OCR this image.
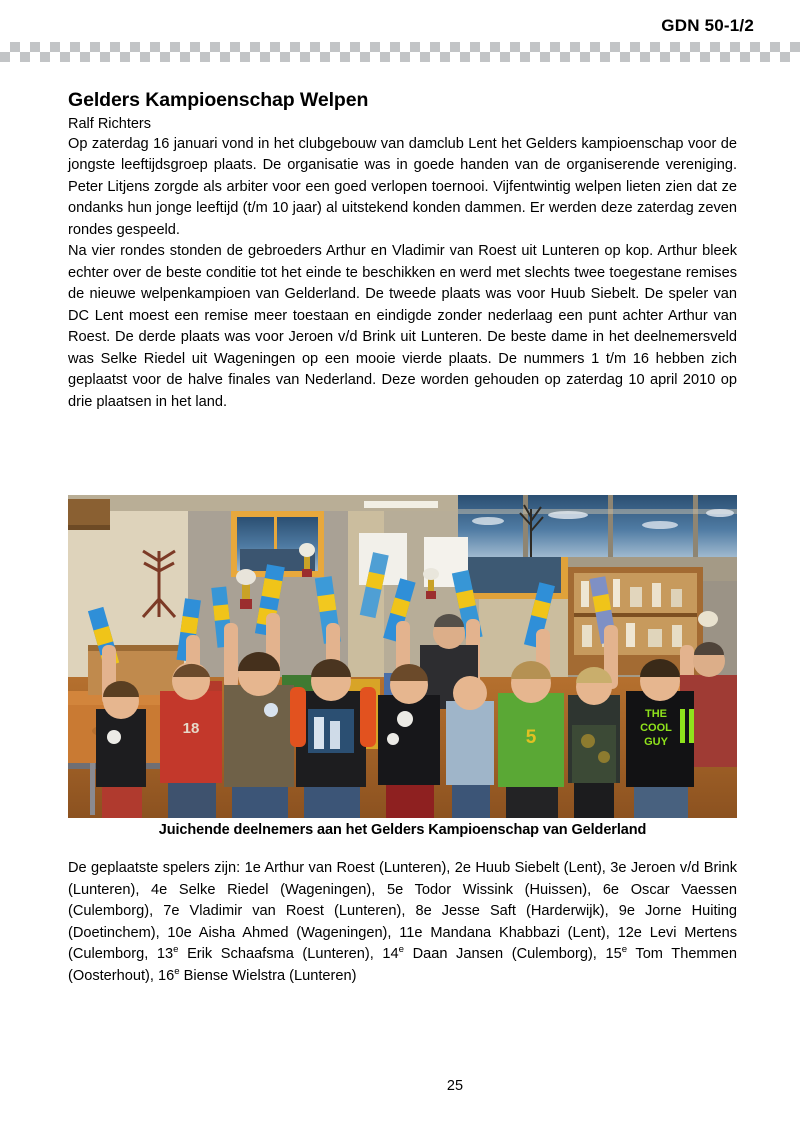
GDN 50-1/2
Gelders Kampioenschap Welpen

Ralf Richters

Op zaterdag 16 januari vond in het clubgebouw van damclub Lent het Gelders kampioenschap voor de jongste leeftijdsgroep plaats. De organisatie was in goede handen van de organiserende vereniging. Peter Litjens zorgde als arbiter voor een goed verlopen toernooi. Vijfentwintig welpen lieten zien dat ze ondanks hun jonge leeftijd (t/m 10 jaar) al uitstekend konden dammen. Er werden deze zaterdag zeven rondes gespeeld.

Na vier rondes stonden de gebroeders Arthur en Vladimir van Roest uit Lunteren op kop. Arthur bleek echter over de beste conditie tot het einde te beschikken en werd met slechts twee toegestane remises de nieuwe welpenkampioen van Gelderland. De tweede plaats was voor Huub Siebelt. De speler van DC Lent moest een remise meer toestaan en eindigde zonder nederlaag een punt achter Arthur van Roest. De derde plaats was voor Jeroen v/d Brink uit Lunteren. De beste dame in het deelnemersveld was Selke Riedel uit Wageningen op een mooie vierde plaats. De nummers 1 t/m 16 hebben zich geplaatst voor de halve finales van Nederland. Deze worden gehouden op zaterdag 10 april 2010 op drie plaatsen in het land.

18	5
THE
COOL
GUY
Juichende deelnemers aan het Gelders Kampioenschap van Gelderland

De geplaatste spelers zijn: 1e Arthur van Roest (Lunteren), 2e Huub Siebelt (Lent), 3e Jeroen v/d Brink (Lunteren), 4e Selke Riedel (Wageningen), 5e Todor Wissink (Huissen), 6e Oscar Vaessen (Culemborg), 7e Vladimir van Roest (Lunteren), 8e Jesse Saft (Harderwijk), 9e Jorne Huiting (Doetinchem), 10e Aisha Ahmed (Wageningen), 11e Mandana Khabbazi (Lent), 12e Levi Mertens (Culemborg, 13e Erik Schaafsma (Lunteren), 14e Daan Jansen (Culemborg), 15e Tom Themmen (Oosterhout), 16e Biense Wielstra (Lunteren)

25
